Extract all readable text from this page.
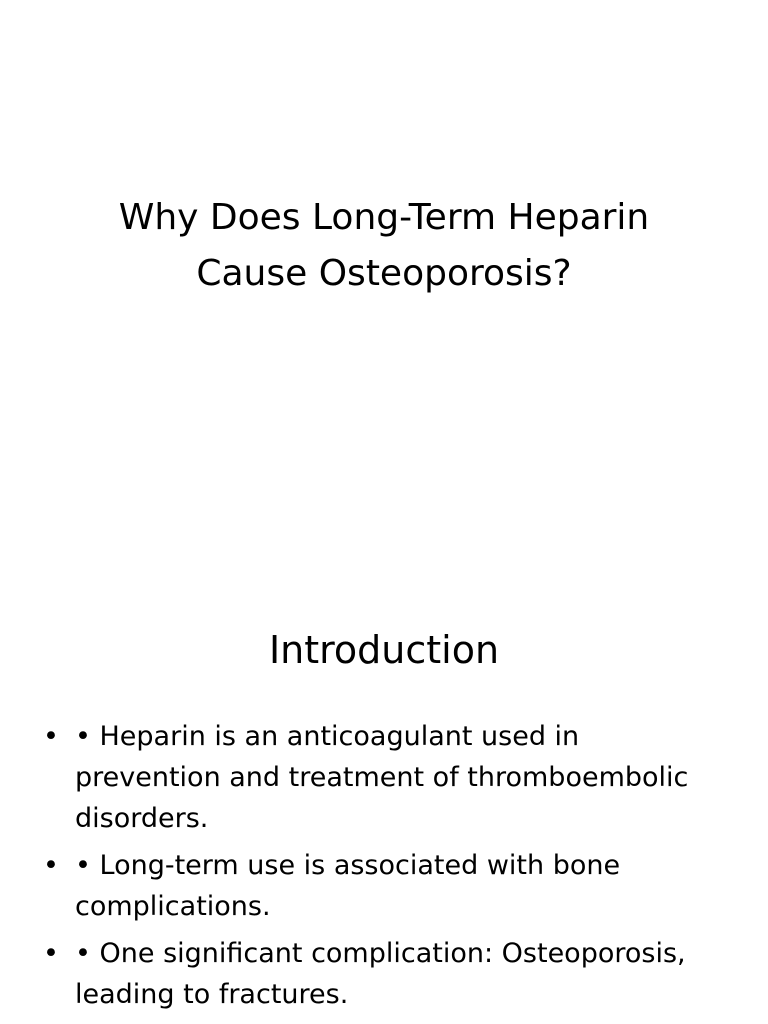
Why Does Long-Term Heparin
Cause Osteoporosis?
Introduction
• • Heparin is an anticoagulant used in prevention and treatment of thromboembolic disorders.
• • Long-term use is associated with bone complications.
• • One significant complication: Osteoporosis, leading to fractures.
